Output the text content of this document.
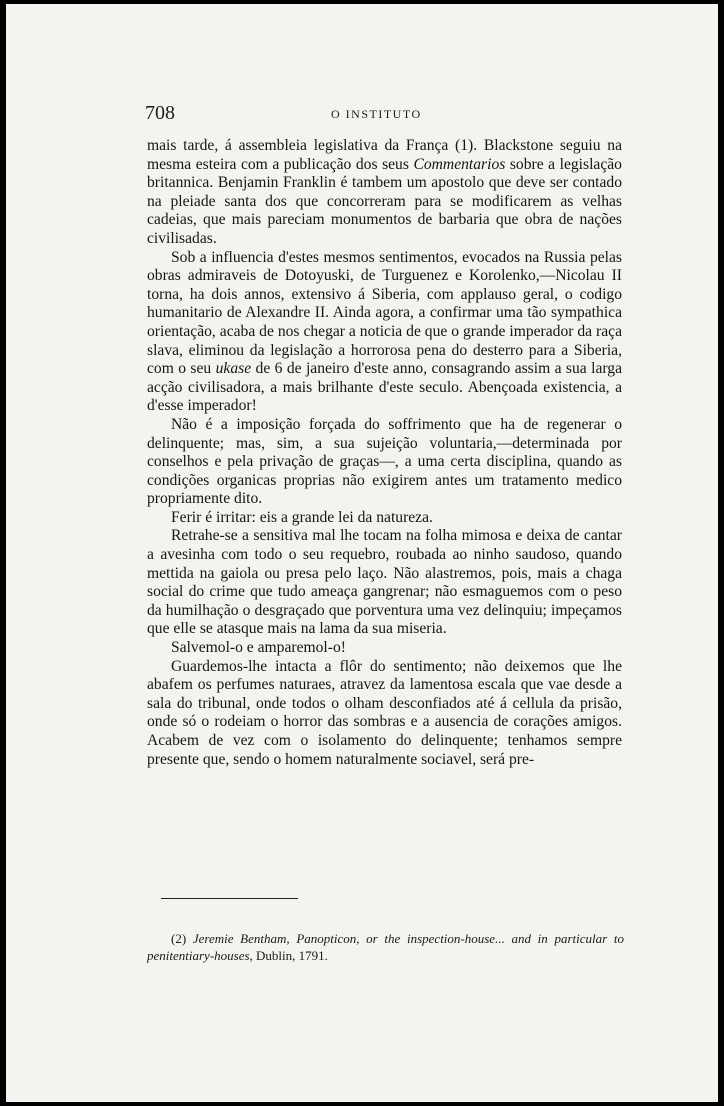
708	O INSTITUTO

mais tarde, á assembleia legislativa da França (1). Blackstone seguiu na mesma esteira com a publicação dos seus Commentarios sobre a legislação britannica. Benjamin Franklin é tambem um apostolo que deve ser contado na pleiade santa dos que concorreram para se modificarem as velhas cadeias, que mais pareciam monumentos de barbaria que obra de nações civilisadas.

Sob a influencia d'estes mesmos sentimentos, evocados na Russia pelas obras admiraveis de Dotoyuski, de Turguenez e Korolenko,—Nicolau II torna, ha dois annos, extensivo á Siberia, com applauso geral, o codigo humanitario de Alexandre II. Ainda agora, a confirmar uma tão sympathica orientação, acaba de nos chegar a noticia de que o grande imperador da raça slava, eliminou da legislação a horrorosa pena do desterro para a Siberia, com o seu ukase de 6 de janeiro d'este anno, consagrando assim a sua larga acção civilisadora, a mais brilhante d'este seculo. Abençoada existencia, a d'esse imperador!

Não é a imposição forçada do soffrimento que ha de regenerar o delinquente; mas, sim, a sua sujeição voluntaria,—determinada por conselhos e pela privação de graças—, a uma certa disciplina, quando as condições organicas proprias não exigirem antes um tratamento medico propriamente dito.

Ferir é irritar: eis a grande lei da natureza.

Retrahe-se a sensitiva mal lhe tocam na folha mimosa e deixa de cantar a avesinha com todo o seu requebro, roubada ao ninho saudoso, quando mettida na gaiola ou presa pelo laço. Não alastremos, pois, mais a chaga social do crime que tudo ameaça gangrenar; não esmaguemos com o peso da humilhação o desgraçado que porventura uma vez delinquiu; impeçamos que elle se atasque mais na lama da sua miseria.

Salvemol-o e amparemol-o!

Guardemos-lhe intacta a flôr do sentimento; não deixemos que lhe abafem os perfumes naturaes, atravez da lamentosa escala que vae desde a sala do tribunal, onde todos o olham desconfiados até á cellula da prisão, onde só o rodeiam o horror das sombras e a ausencia de corações amigos. Acabem de vez com o isolamento do delinquente; tenhamos sempre presente que, sendo o homem naturalmente sociavel, será pre-

(2) Jeremie Bentham, Panopticon, or the inspection-house... and in particular to penitentiary-houses, Dublin, 1791.
